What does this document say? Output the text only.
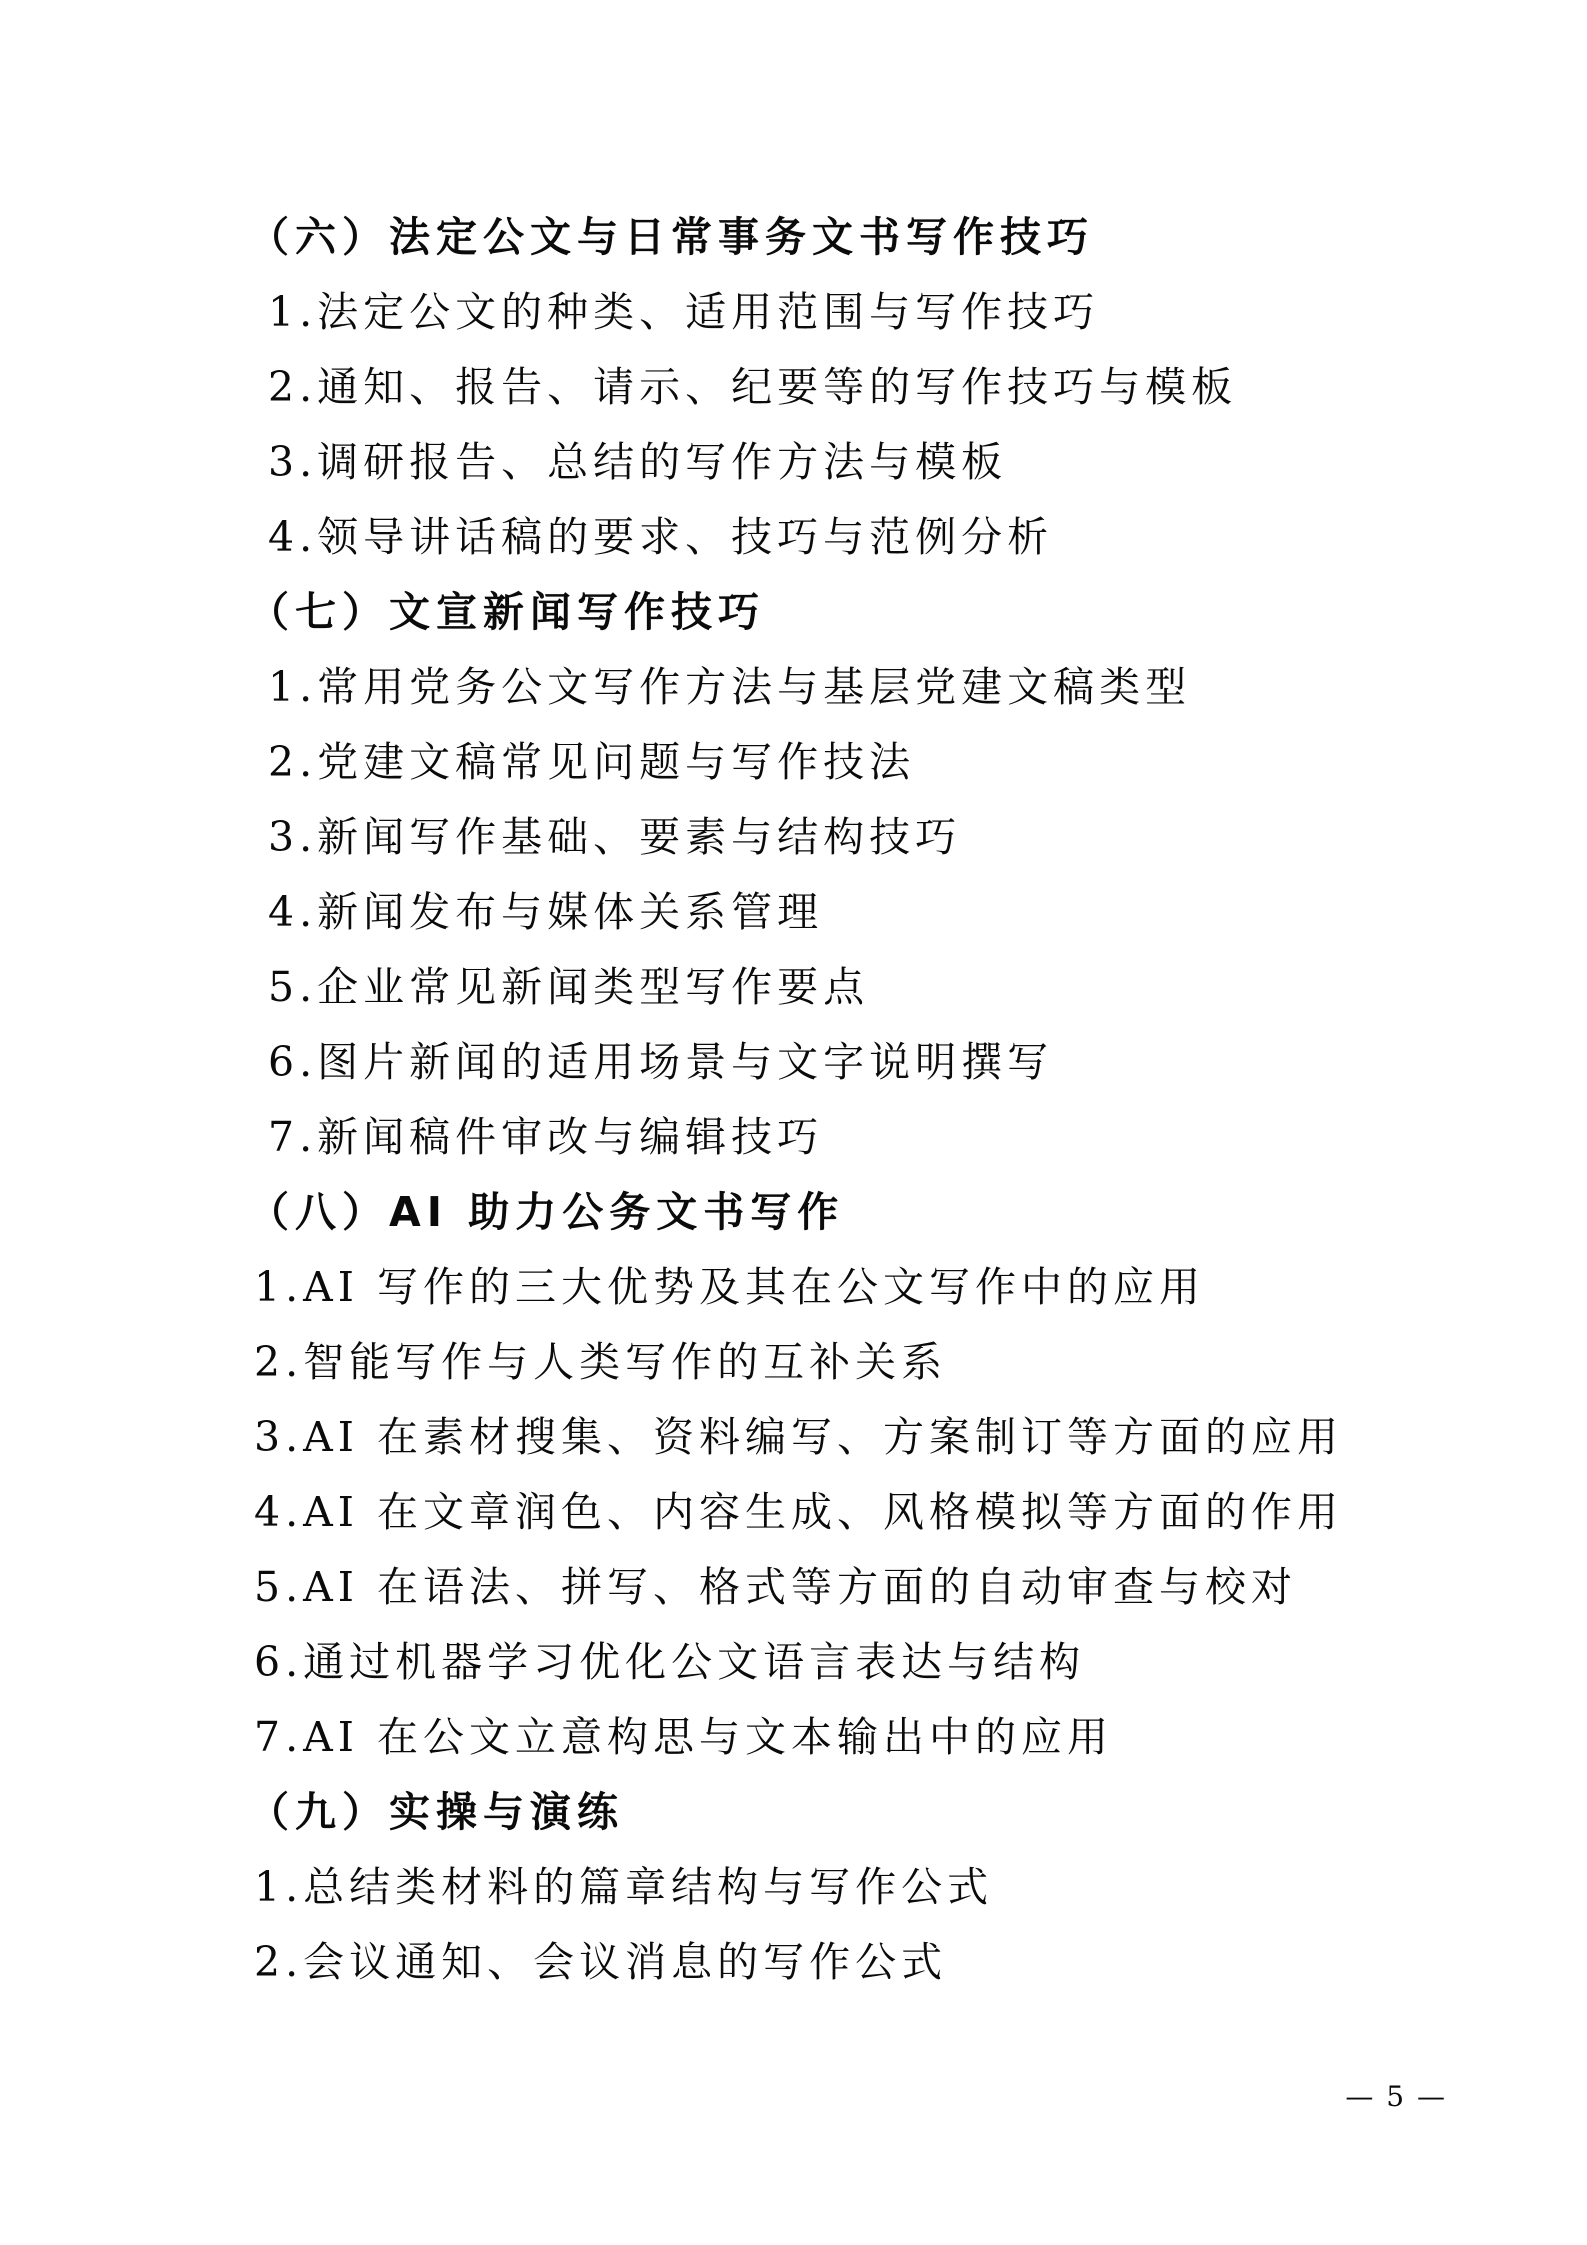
（六）法定公文与日常事务文书写作技巧
1.法定公文的种类、适用范围与写作技巧
2.通知、报告、请示、纪要等的写作技巧与模板
3.调研报告、总结的写作方法与模板
4.领导讲话稿的要求、技巧与范例分析
（七）文宣新闻写作技巧
1.常用党务公文写作方法与基层党建文稿类型
2.党建文稿常见问题与写作技法
3.新闻写作基础、要素与结构技巧
4.新闻发布与媒体关系管理
5.企业常见新闻类型写作要点
6.图片新闻的适用场景与文字说明撰写
7.新闻稿件审改与编辑技巧
（八）AI 助力公务文书写作
1.AI 写作的三大优势及其在公文写作中的应用
2.智能写作与人类写作的互补关系
3.AI 在素材搜集、资料编写、方案制订等方面的应用
4.AI 在文章润色、内容生成、风格模拟等方面的作用
5.AI 在语法、拼写、格式等方面的自动审查与校对
6.通过机器学习优化公文语言表达与结构
7.AI 在公文立意构思与文本输出中的应用
（九）实操与演练
1.总结类材料的篇章结构与写作公式
2.会议通知、会议消息的写作公式
— 5 —
